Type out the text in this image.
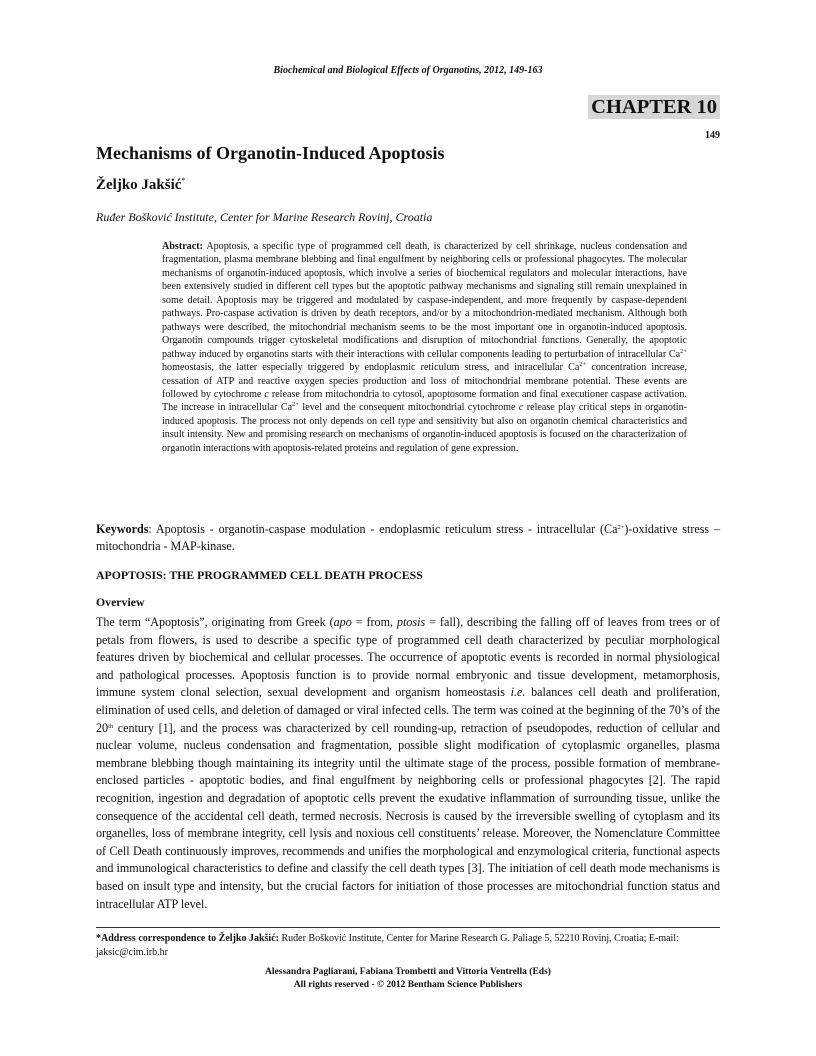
Biochemical and Biological Effects of Organotins, 2012, 149-163
149
CHAPTER 10
Mechanisms of Organotin-Induced Apoptosis

Željko Jakšić*

Ruđer Bošković Institute, Center for Marine Research Rovinj, Croatia

Abstract: Apoptosis, a specific type of programmed cell death, is characterized by cell shrinkage, nucleus condensation and fragmentation, plasma membrane blebbing and final engulfment by neighboring cells or professional phagocytes. The molecular mechanisms of organotin-induced apoptosis, which involve a series of biochemical regulators and molecular interactions, have been extensively studied in different cell types but the apoptotic pathway mechanisms and signaling still remain unexplained in some detail. Apoptosis may be triggered and modulated by caspase-independent, and more frequently by caspase-dependent pathways. Pro-caspase activation is driven by death receptors, and/or by a mitochondrion-mediated mechanism. Although both pathways were described, the mitochondrial mechanism seems to be the most important one in organotin-induced apoptosis. Organotin compounds trigger cytoskeletal modifications and disruption of mitochondrial functions. Generally, the apoptotic pathway induced by organotins starts with their interactions with cellular components leading to perturbation of intracellular $Ca^{2+}$ homeostasis, the latter especially triggered by endoplasmic reticulum stress, and intracellular $Ca^{2+}$ concentration increase, cessation of ATP and reactive oxygen species production and loss of mitochondrial membrane potential. These events are followed by cytochrome c release from mitochondria to cytosol, apoptosome formation and final executioner caspase activation. The increase in intracellular $Ca^{2+}$ level and the consequent mitochondrial cytochrome c release play critical steps in organotin-induced apoptosis. The process not only depends on cell type and sensitivity but also on organotin chemical characteristics and insult intensity. New and promising research on mechanisms of organotin-induced apoptosis is focused on the characterization of organotin interactions with apoptosis-related proteins and regulation of gene expression.

Keywords: Apoptosis - organotin-caspase modulation - endoplasmic reticulum stress - intracellular $(Ca^{2+})$-oxidative stress – mitochondria - MAP-kinase.

APOPTOSIS: THE PROGRAMMED CELL DEATH PROCESS
Overview

The term “Apoptosis”, originating from Greek (apo = from, ptosis = fall), describing the falling off of leaves from trees or of petals from flowers, is used to describe a specific type of programmed cell death characterized by peculiar morphological features driven by biochemical and cellular processes. The occurrence of apoptotic events is recorded in normal physiological and pathological processes. Apoptosis function is to provide normal embryonic and tissue development, metamorphosis, immune system clonal selection, sexual development and organism homeostasis i.e. balances cell death and proliferation, elimination of used cells, and deletion of damaged or viral infected cells. The term was coined at the beginning of the 70’s of the 20th century [1], and the process was characterized by cell rounding-up, retraction of pseudopodes, reduction of cellular and nuclear volume, nucleus condensation and fragmentation, possible slight modification of cytoplasmic organelles, plasma membrane blebbing though maintaining its integrity until the ultimate stage of the process, possible formation of membrane-enclosed particles - apoptotic bodies, and final engulfment by neighboring cells or professional phagocytes [2]. The rapid recognition, ingestion and degradation of apoptotic cells prevent the exudative inflammation of surrounding tissue, unlike the consequence of the accidental cell death, termed necrosis. Necrosis is caused by the irreversible swelling of cytoplasm and its organelles, loss of membrane integrity, cell lysis and noxious cell constituents’ release. Moreover, the Nomenclature Committee of Cell Death continuously improves, recommends and unifies the morphological and enzymological criteria, functional aspects and immunological characteristics to define and classify the cell death types [3]. The initiation of cell death mode mechanisms is based on insult type and intensity, but the crucial factors for initiation of those processes are mitochondrial function status and intracellular ATP level.

*Address correspondence to Željko Jakšić: Ruđer Bošković Institute, Center for Marine Research G. Paliage 5, 52210 Rovinj, Croatia; E-mail: jaksic@cim.irb.hr

Alessandra Pagliarani, Fabiana Trombetti and Vittoria Ventrella (Eds)
All rights reserved - © 2012 Bentham Science Publishers
